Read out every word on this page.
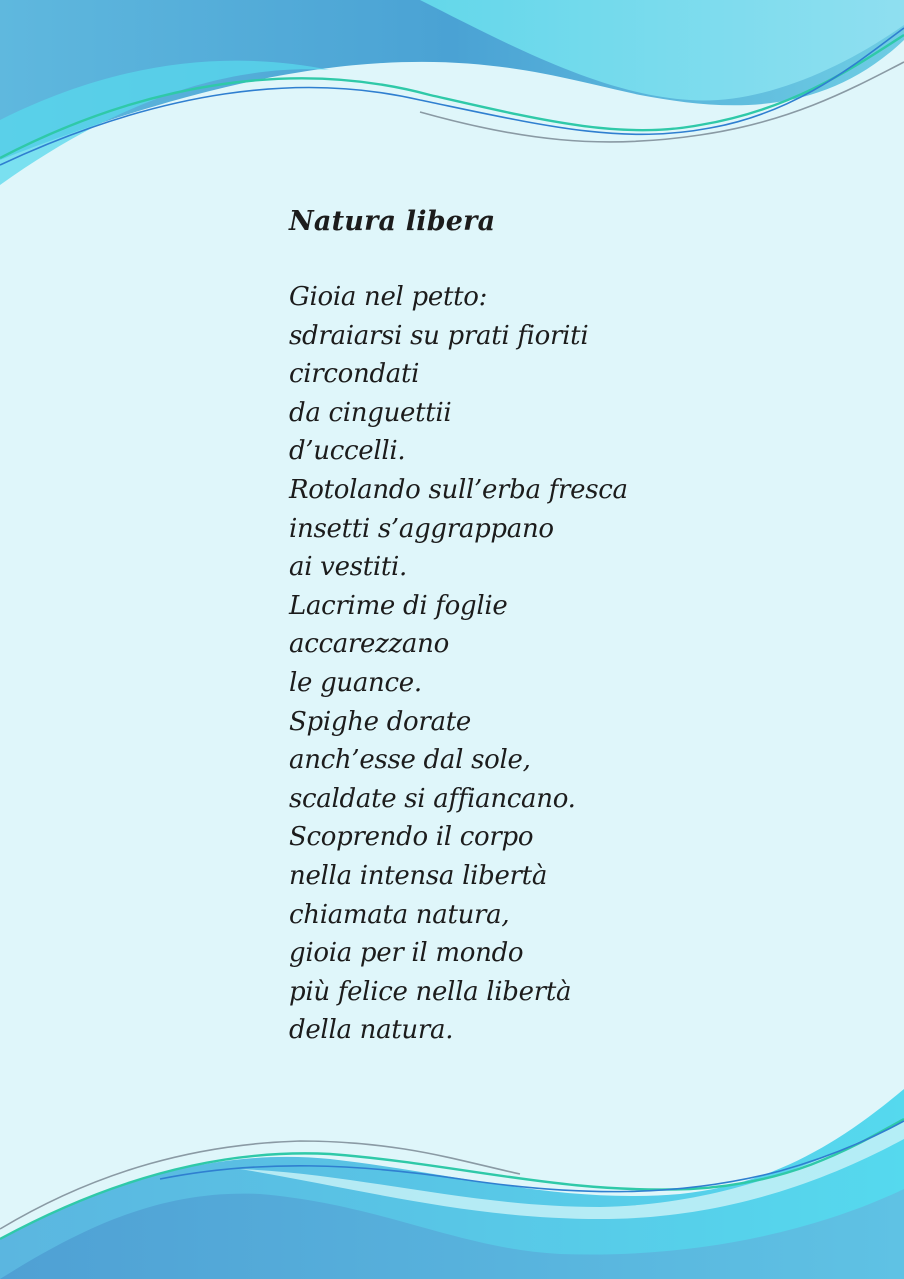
Natura libera
Gioia nel petto:
sdraiarsi su prati fioriti
circondati
da cinguettii
d’uccelli.
Rotolando sull’erba fresca
insetti s’aggrappano
ai vestiti.
Lacrime di foglie
accarezzano
le guance.
Spighe dorate
anch’esse dal sole,
scaldate si affiancano.
Scoprendo il corpo
nella intensa libertà
chiamata natura,
gioia per il mondo
più felice nella libertà
della natura.
